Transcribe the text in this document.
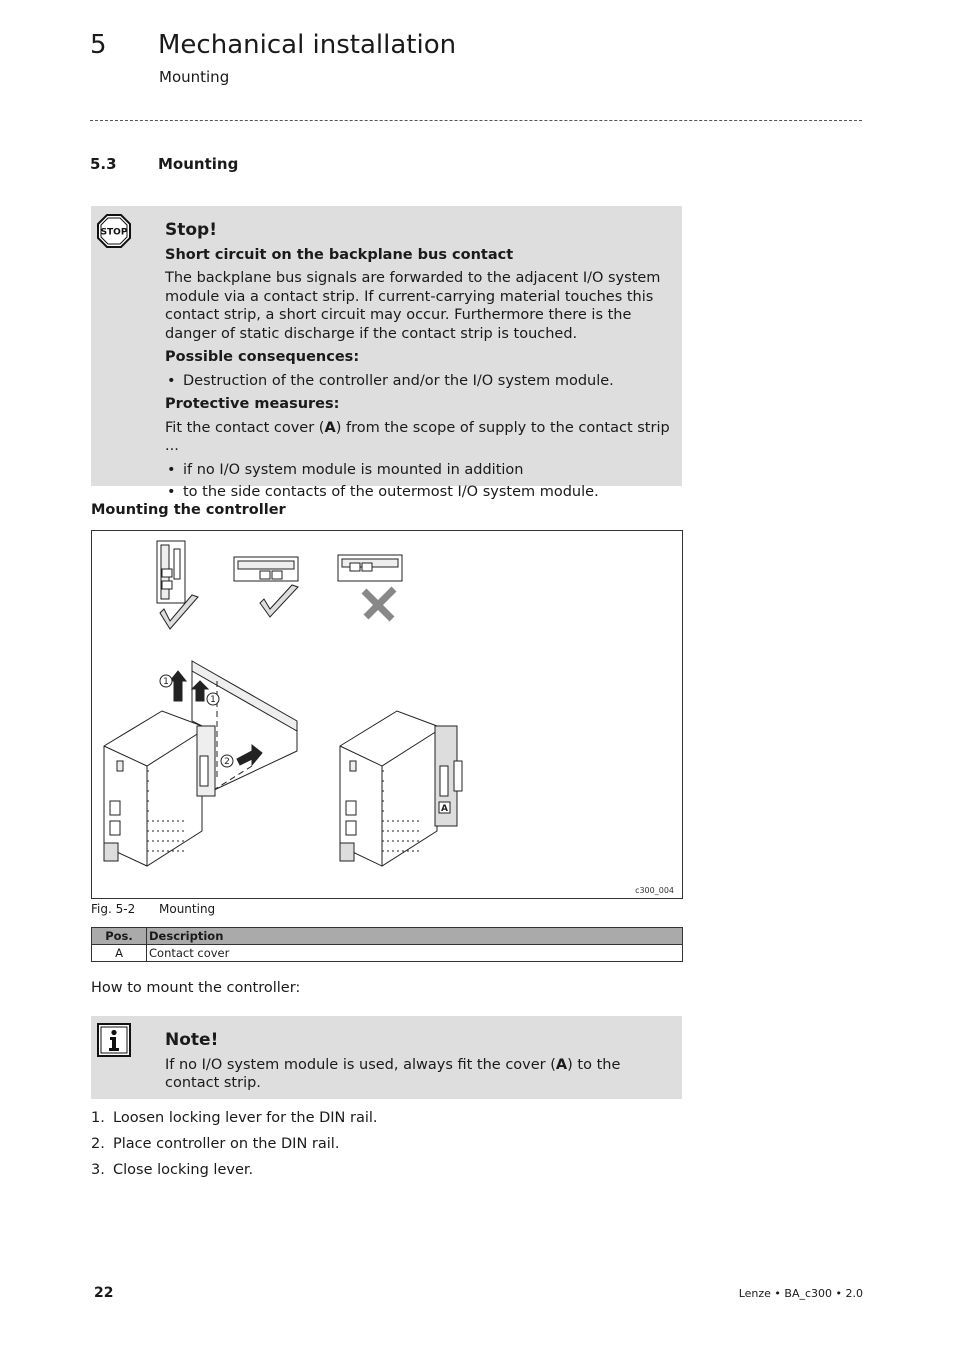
5 Mechanical installation
Mounting
5.3	Mounting
STOP Stop!

Short circuit on the backplane bus contact

The backplane bus signals are forwarded to the adjacent I/O system module via a contact strip. If current-carrying material touches this contact strip, a short circuit may occur. Furthermore there is the danger of static discharge if the contact strip is touched.

Possible consequences:

• Destruction of the controller and/or the I/O system module.

Protective measures:

Fit the contact cover (A) from the scope of supply to the contact strip ...

• if no I/O system module is mounted in addition
• to the side contacts of the outermost I/O system module.
Mounting the controller
1
1
2
A
c300_004
Fig. 5-2 Mounting
Pos.	Description
A	Contact cover
How to mount the controller:
Note!

If no I/O system module is used, always fit the cover (A) to the contact strip.

1. Loosen locking lever for the DIN rail.
2. Place controller on the DIN rail.
3. Close locking lever.
22	Lenze • BA_c300 • 2.0
